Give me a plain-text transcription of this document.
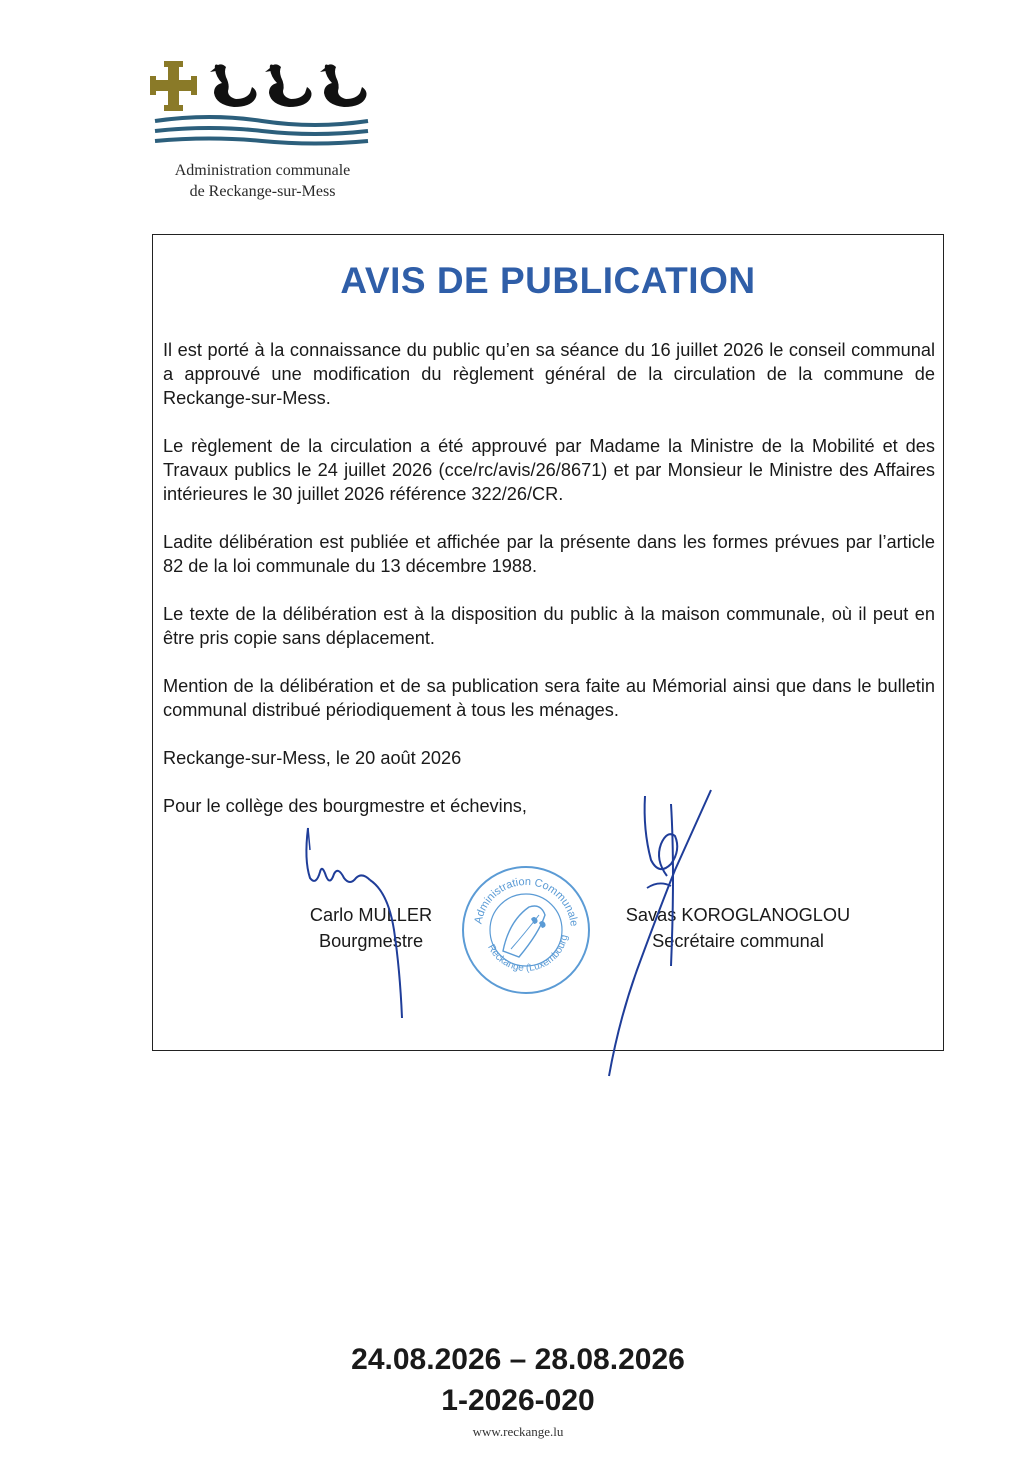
Administration communale
de Reckange-sur-Mess
AVIS DE PUBLICATION

Il est porté à la connaissance du public qu’en sa séance du 16 juillet 2026 le conseil communal a approuvé une modification du règlement général de la circulation de la commune de Reckange-sur-Mess.

Le règlement de la circulation a été approuvé par Madame la Ministre de la Mobilité et des Travaux publics le 24 juillet 2026 (cce/rc/avis/26/8671) et par Monsieur le Ministre des Affaires intérieures le 30 juillet 2026 référence 322/26/CR.

Ladite délibération est publiée et affichée par la présente dans les formes prévues par l’article 82 de la loi communale du 13 décembre 1988.

Le texte de la délibération est à la disposition du public à la maison communale, où il peut en être pris copie sans déplacement.

Mention de la délibération et de sa publication sera faite au Mémorial ainsi que dans le bulletin communal distribué périodiquement à tous les ménages.

Reckange-sur-Mess, le 20 août 2026

Pour le collège des bourgmestre et échevins,

Carlo MULLER
Bourgmestre
Savas KOROGLANOGLOU
Secrétaire communal
Administration Communale
Reckange (Luxembourg
24.08.2026 – 28.08.2026
1-2026-020
www.reckange.lu
